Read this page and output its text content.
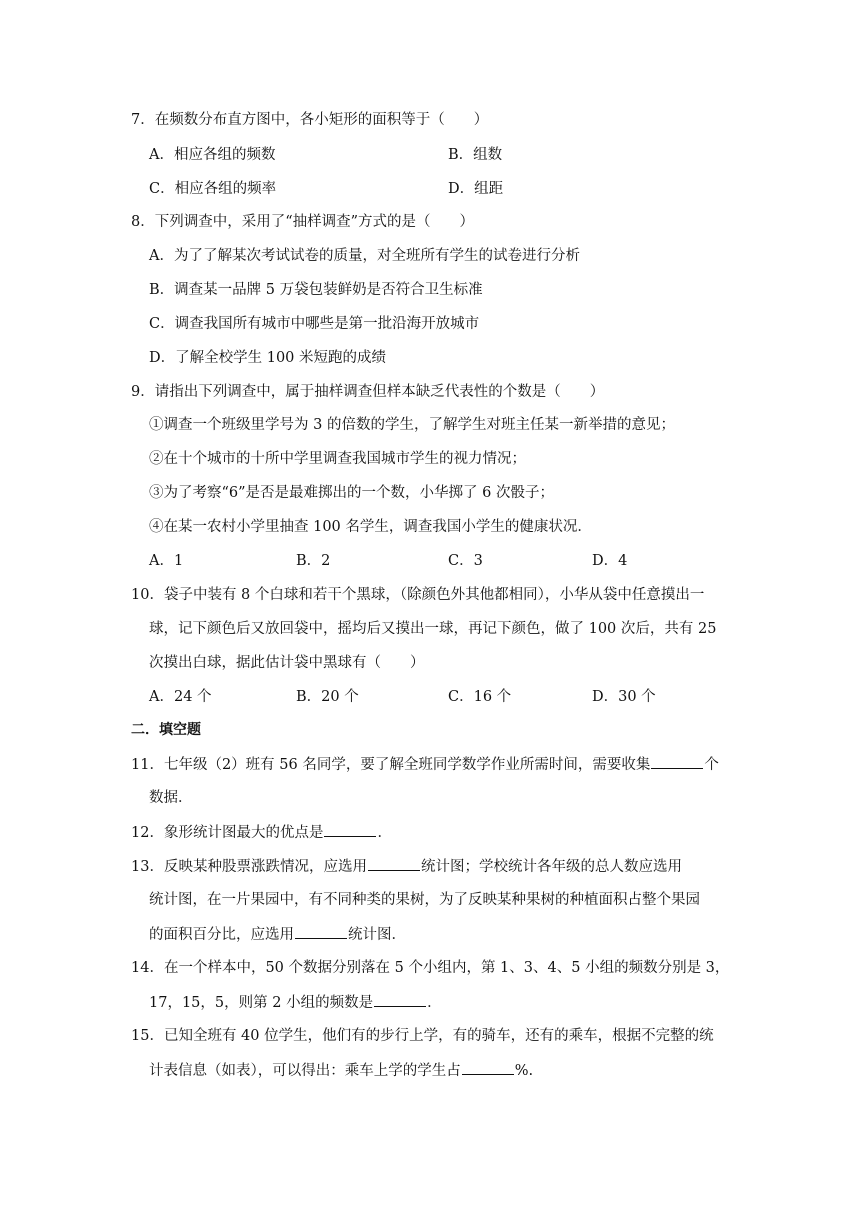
7．在频数分布直方图中，各小矩形的面积等于（　　）
A．相应各组的频数	B．组数
C．相应各组的频率	D．组距
8．下列调查中，采用了“抽样调查”方式的是（　　）
A．为了了解某次考试试卷的质量，对全班所有学生的试卷进行分析
B．调查某一品牌 5 万袋包装鲜奶是否符合卫生标准
C．调查我国所有城市中哪些是第一批沿海开放城市
D．了解全校学生 100 米短跑的成绩
9．请指出下列调查中，属于抽样调查但样本缺乏代表性的个数是（　　）
①调查一个班级里学号为 3 的倍数的学生，了解学生对班主任某一新举措的意见；
②在十个城市的十所中学里调查我国城市学生的视力情况；
③为了考察“6”是否是最难掷出的一个数，小华掷了 6 次骰子；
④在某一农村小学里抽查 100 名学生，调查我国小学生的健康状况．
A．1	B．2	C．3	D．4
10．袋子中装有 8 个白球和若干个黑球，（除颜色外其他都相同），小华从袋中任意摸出一
球，记下颜色后又放回袋中，摇均后又摸出一球，再记下颜色，做了 100 次后，共有 25
次摸出白球，据此估计袋中黑球有（　　）
A．24 个	B．20 个	C．16 个	D．30 个
二．填空题
11．七年级（2）班有 56 名同学，要了解全班同学数学作业所需时间，需要收集	个
数据．
12．象形统计图最大的优点是	．
13．反映某种股票涨跌情况，应选用	统计图；学校统计各年级的总人数应选用
统计图，在一片果园中，有不同种类的果树，为了反映某种果树的种植面积占整个果园
的面积百分比，应选用	统计图．
14．在一个样本中，50 个数据分别落在 5 个小组内，第 1、3、4、5 小组的频数分别是 3，
17，15，5，则第 2 小组的频数是	．
15．已知全班有 40 位学生，他们有的步行上学，有的骑车，还有的乘车，根据不完整的统
计表信息（如表），可以得出：乘车上学的学生占	%.
